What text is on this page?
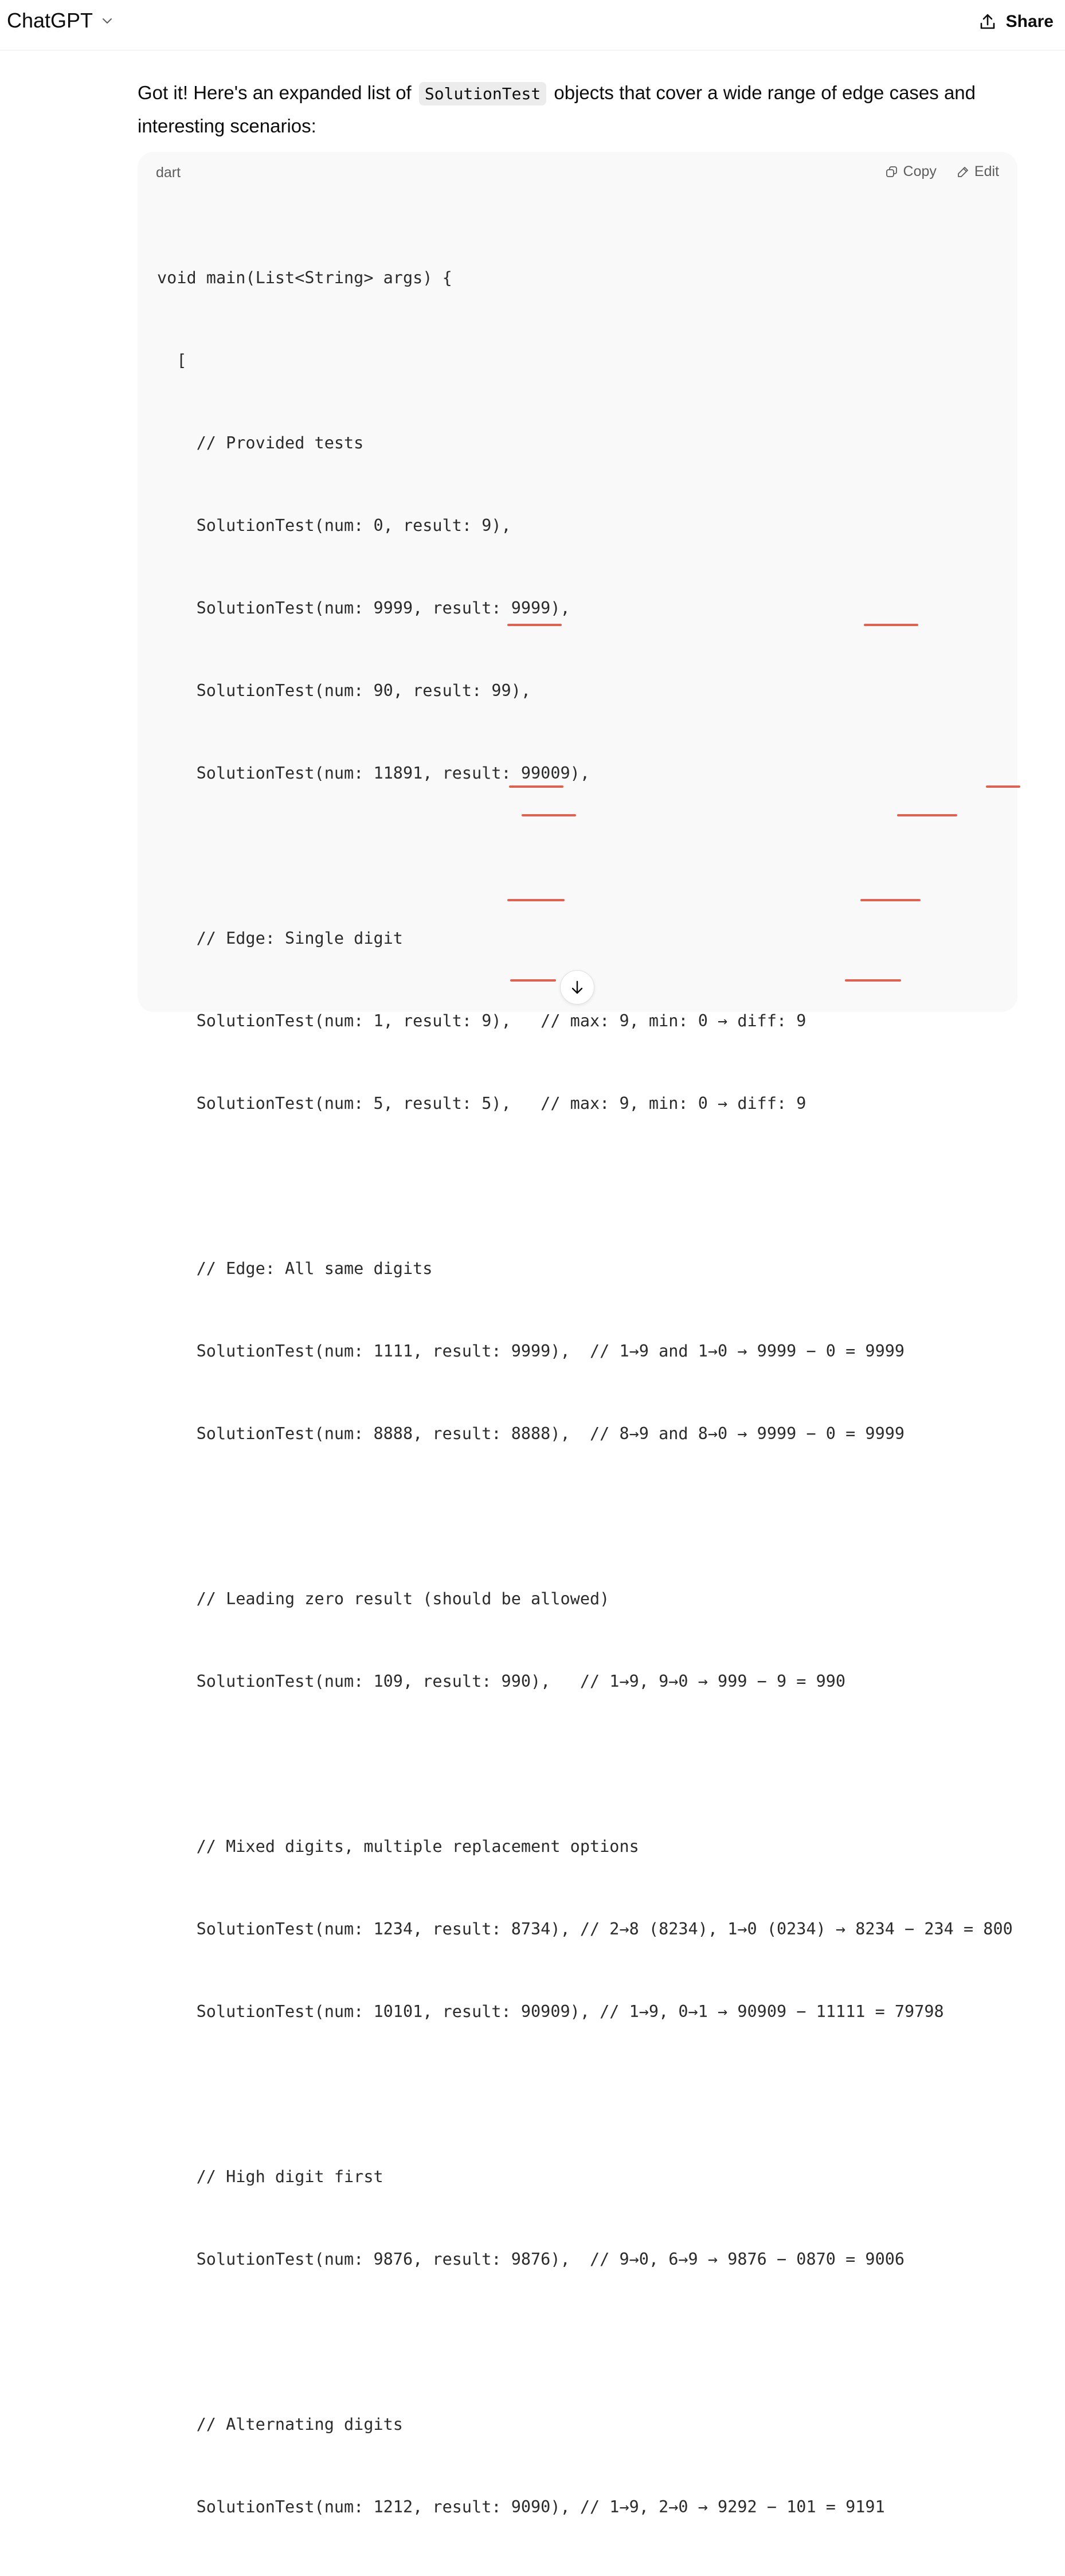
ChatGPT	Share
Got it! Here's an expanded list of SolutionTest objects that cover a wide range of edge cases and interesting scenarios:
dart	Copy	Edit

void main(List<String> args) {

[

// Provided tests

SolutionTest(num: 0, result: 9),

SolutionTest(num: 9999, result: 9999),

SolutionTest(num: 90, result: 99),

SolutionTest(num: 11891, result: 99009),

// Edge: Single digit

SolutionTest(num: 1, result: 9),   // max: 9, min: 0 → diff: 9

SolutionTest(num: 5, result: 5),   // max: 9, min: 0 → diff: 9

// Edge: All same digits

SolutionTest(num: 1111, result: 9999),  // 1→9 and 1→0 → 9999 − 0 = 9999

SolutionTest(num: 8888, result: 8888),  // 8→9 and 8→0 → 9999 − 0 = 9999

// Leading zero result (should be allowed)

SolutionTest(num: 109, result: 990),   // 1→9, 9→0 → 999 − 9 = 990

// Mixed digits, multiple replacement options

SolutionTest(num: 1234, result: 8734), // 2→8 (8234), 1→0 (0234) → 8234 − 234 = 800

SolutionTest(num: 10101, result: 90909), // 1→9, 0→1 → 90909 − 11111 = 79798

// High digit first

SolutionTest(num: 9876, result: 9876),  // 9→0, 6→9 → 9876 − 0870 = 9006

// Alternating digits

SolutionTest(num: 1212, result: 9090), // 1→9, 2→0 → 9292 − 101 = 9191
